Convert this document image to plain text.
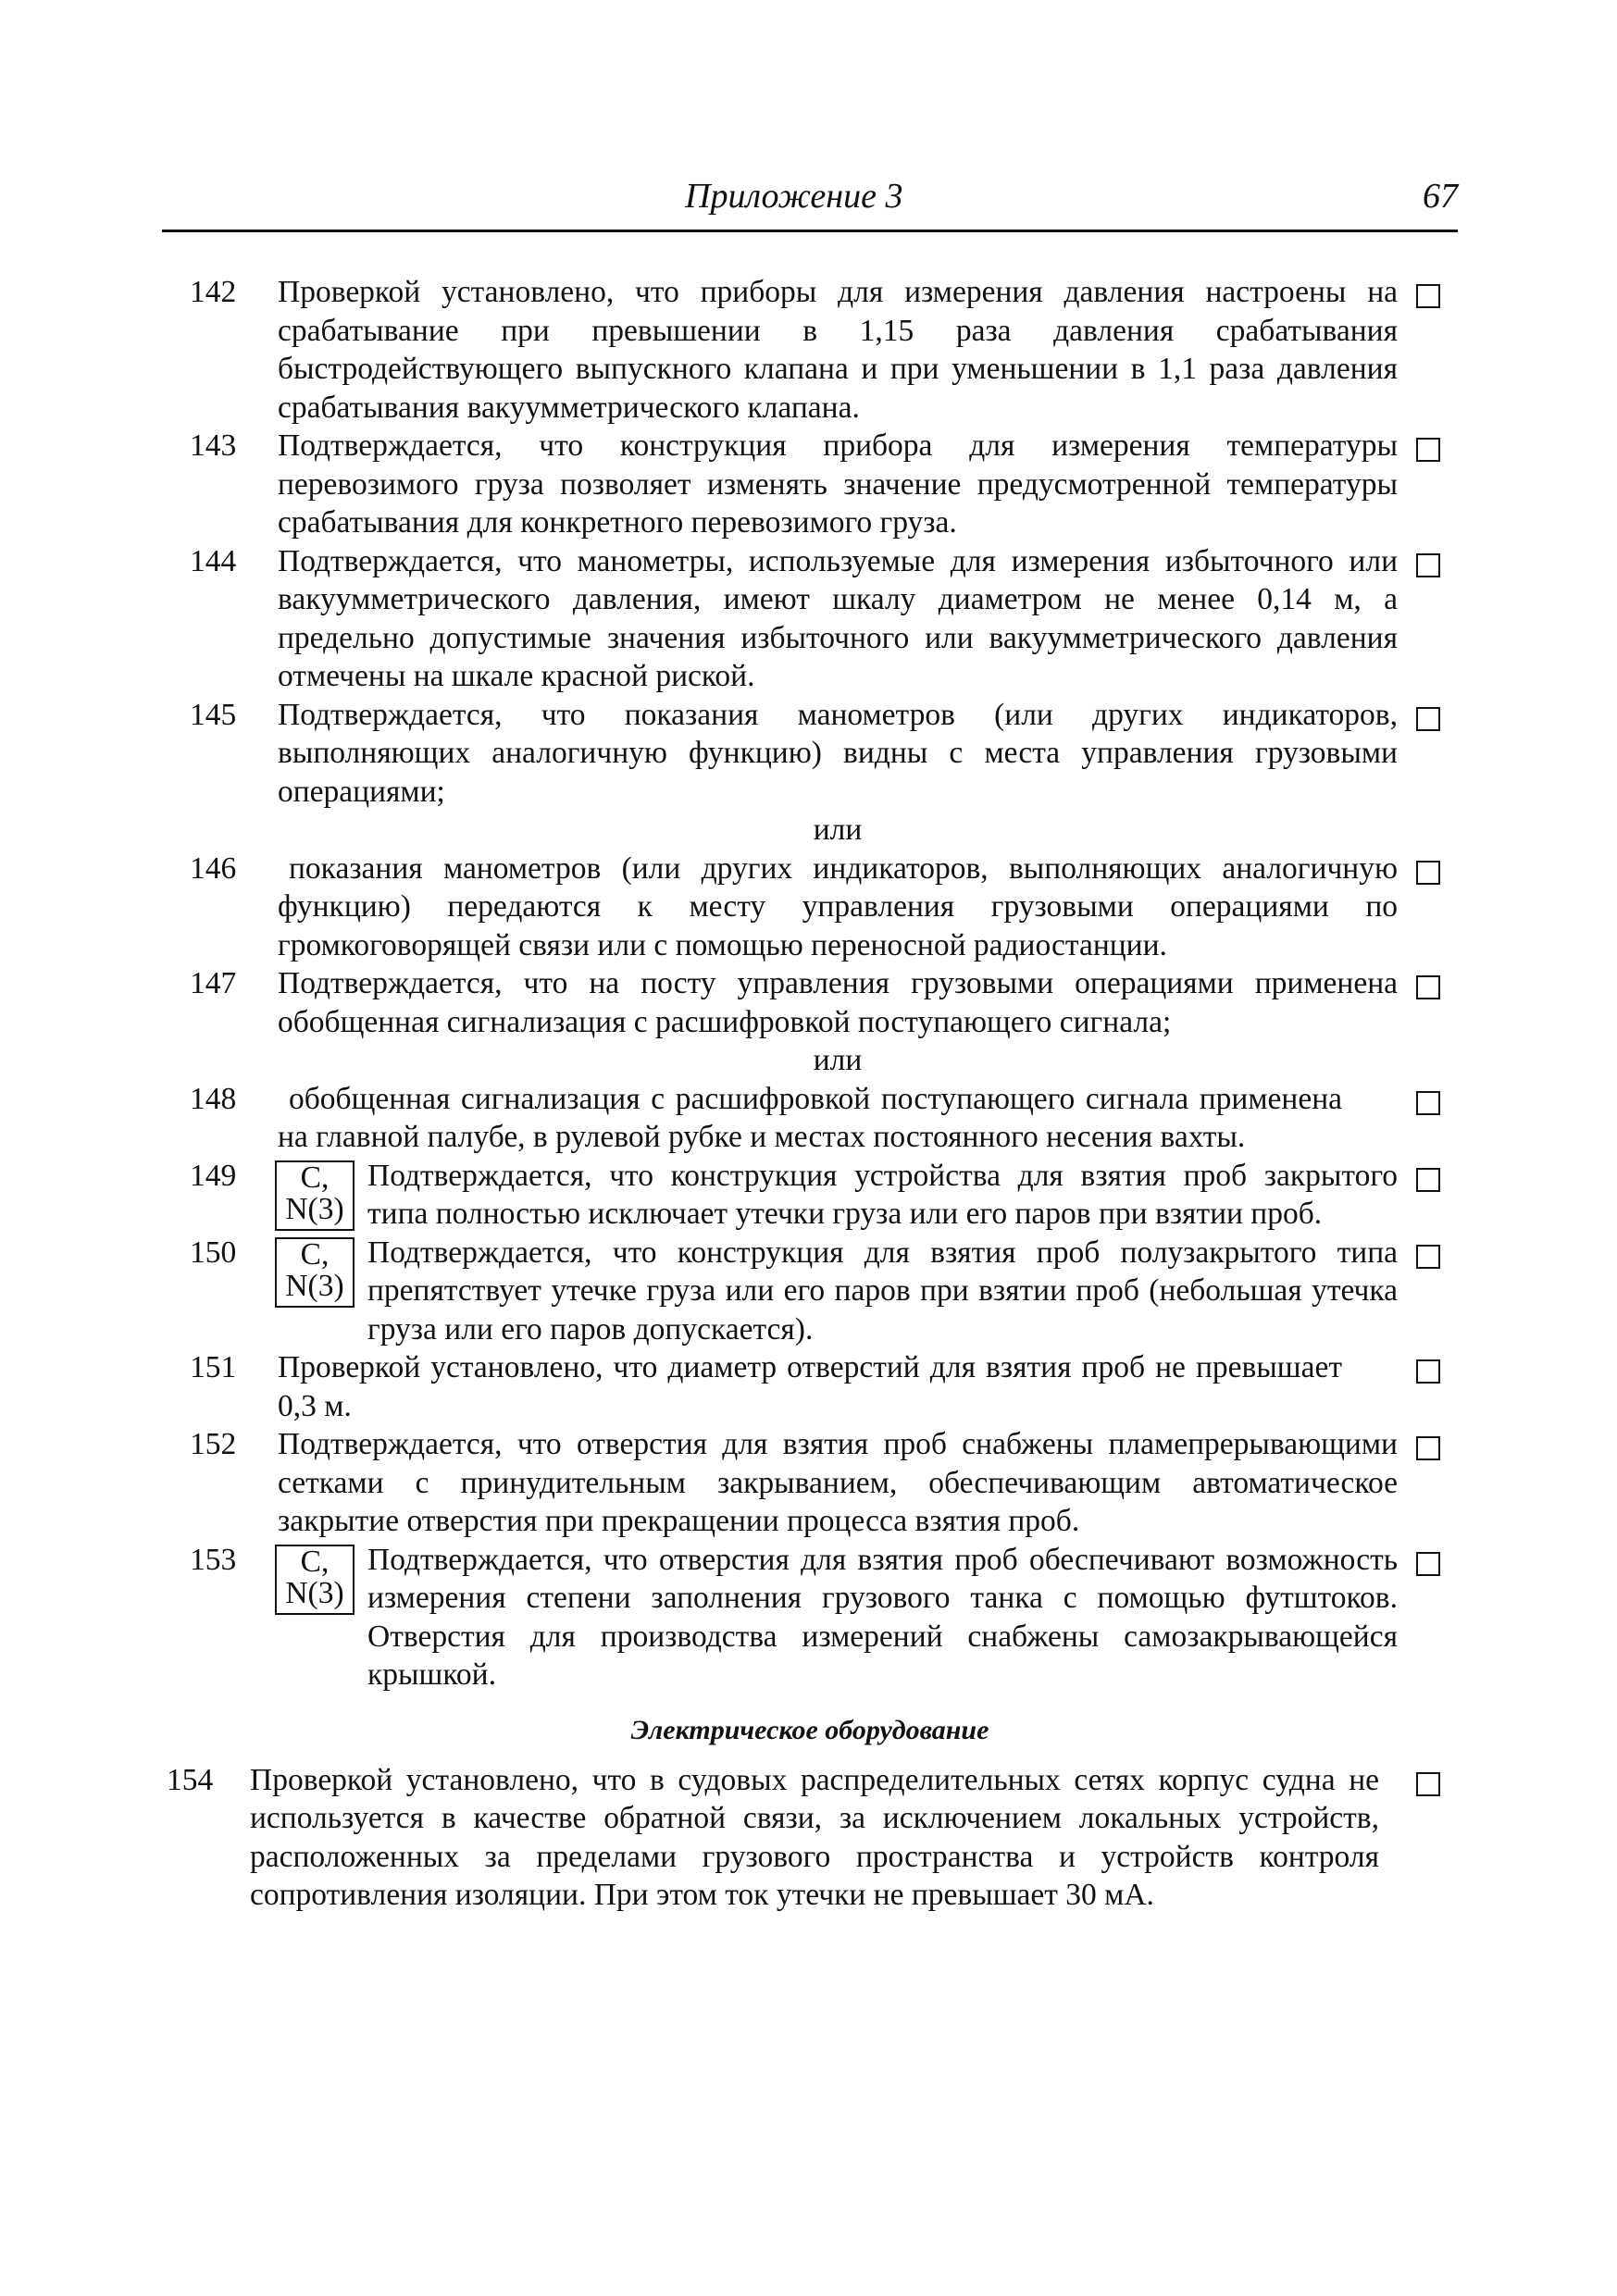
Приложение 3	67
142 Проверкой установлено, что приборы для измерения давления настроены на срабатывание при превышении в 1,15 раза давления срабатывания быстродействующего выпускного клапана и при уменьшении в 1,1 раза давления срабатывания вакуумметрического клапана.
143 Подтверждается, что конструкция прибора для измерения температуры перевозимого груза позволяет изменять значение предусмотренной температуры срабатывания для конкретного перевозимого груза.
144 Подтверждается, что манометры, используемые для измерения избыточного или вакуумметрического давления, имеют шкалу диаметром не менее 0,14 м, а предельно допустимые значения избыточного или вакуумметрического давления отмечены на шкале красной риской.
145 Подтверждается, что показания манометров (или других индикаторов, выполняющих аналогичную функцию) видны с места управления грузовыми операциями;
или
146	показания манометров (или других индикаторов, выполняющих аналогичную функцию) передаются к месту управления грузовыми операциями по громкоговорящей связи или с помощью переносной радиостанции.
147 Подтверждается, что на посту управления грузовыми операциями применена обобщенная сигнализация с расшифровкой поступающего сигнала;
или
148	обобщенная сигнализация с расшифровкой поступающего сигнала применена на главной палубе, в рулевой рубке и местах постоянного несения вахты.
149	C,
N(3)
Подтверждается, что конструкция устройства для взятия проб закрытого типа полностью исключает утечки груза или его паров при взятии проб.
150	C,
N(3)
Подтверждается, что конструкция для взятия проб полузакрытого типа препятствует утечке груза или его паров при взятии проб (небольшая утечка груза или его паров допускается).
151 Проверкой установлено, что диаметр отверстий для взятия проб не превышает 0,3 м.
152 Подтверждается, что отверстия для взятия проб снабжены пламепрерывающими сетками с принудительным закрыванием, обеспечивающим автоматическое закрытие отверстия при прекращении процесса взятия проб.
153	C,
N(3)
Подтверждается, что отверстия для взятия проб обеспечивают возможность измерения степени заполнения грузового танка с помощью футштоков. Отверстия для производства измерений снабжены самозакрывающейся крышкой.
Электрическое оборудование
154 Проверкой установлено, что в судовых распределительных сетях корпус судна не используется в качестве обратной связи, за исключением локальных устройств, расположенных за пределами грузового пространства и устройств контроля сопротивления изоляции. При этом ток утечки не превышает 30 мА.
